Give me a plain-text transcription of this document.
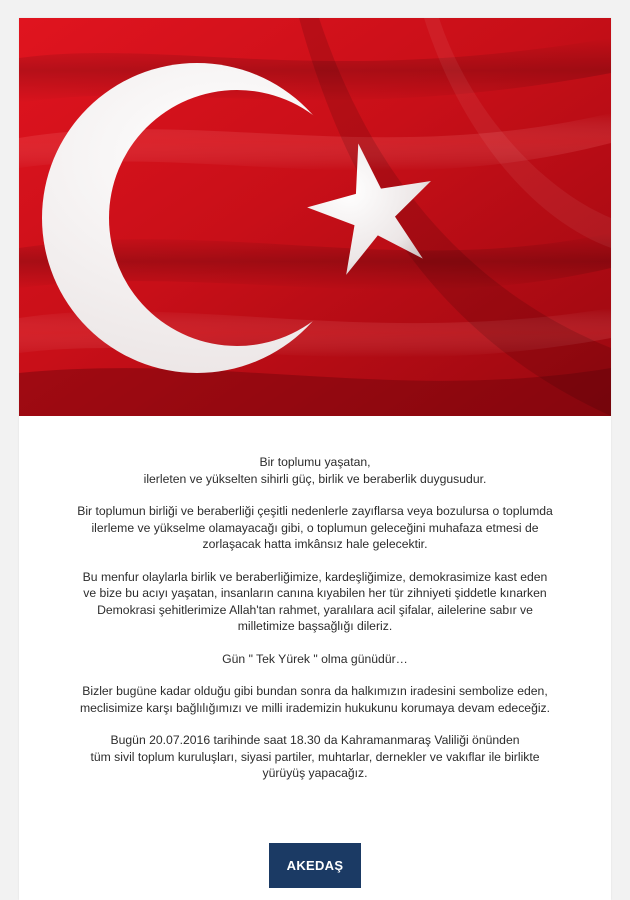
Bir toplumu yaşatan,
ilerleten ve yükselten sihirli güç, birlik ve beraberlik duygusudur.

Bir toplumun birliği ve beraberliği çeşitli nedenlerle zayıflarsa veya bozulursa o toplumda
ilerleme ve yükselme olamayacağı gibi, o toplumun geleceğini muhafaza etmesi de
zorlaşacak hatta imkânsız hale gelecektir.

Bu menfur olaylarla birlik ve beraberliğimize, kardeşliğimize, demokrasimize kast eden
ve bize bu acıyı yaşatan, insanların canına kıyabilen her tür zihniyeti şiddetle kınarken
Demokrasi şehitlerimize Allah'tan rahmet, yaralılara acil şifalar, ailelerine sabır ve
milletimize başsağlığı dileriz.

Gün " Tek Yürek " olma günüdür…

Bizler bugüne kadar olduğu gibi bundan sonra da halkımızın iradesini sembolize eden,
meclisimize karşı bağlılığımızı ve milli irademizin hukukunu korumaya devam edeceğiz.

Bugün 20.07.2016 tarihinde saat 18.30 da Kahramanmaraş Valiliği önünden
tüm sivil toplum kuruluşları, siyasi partiler, muhtarlar, dernekler ve vakıflar ile birlikte
yürüyüş yapacağız.

AKEDAŞ
